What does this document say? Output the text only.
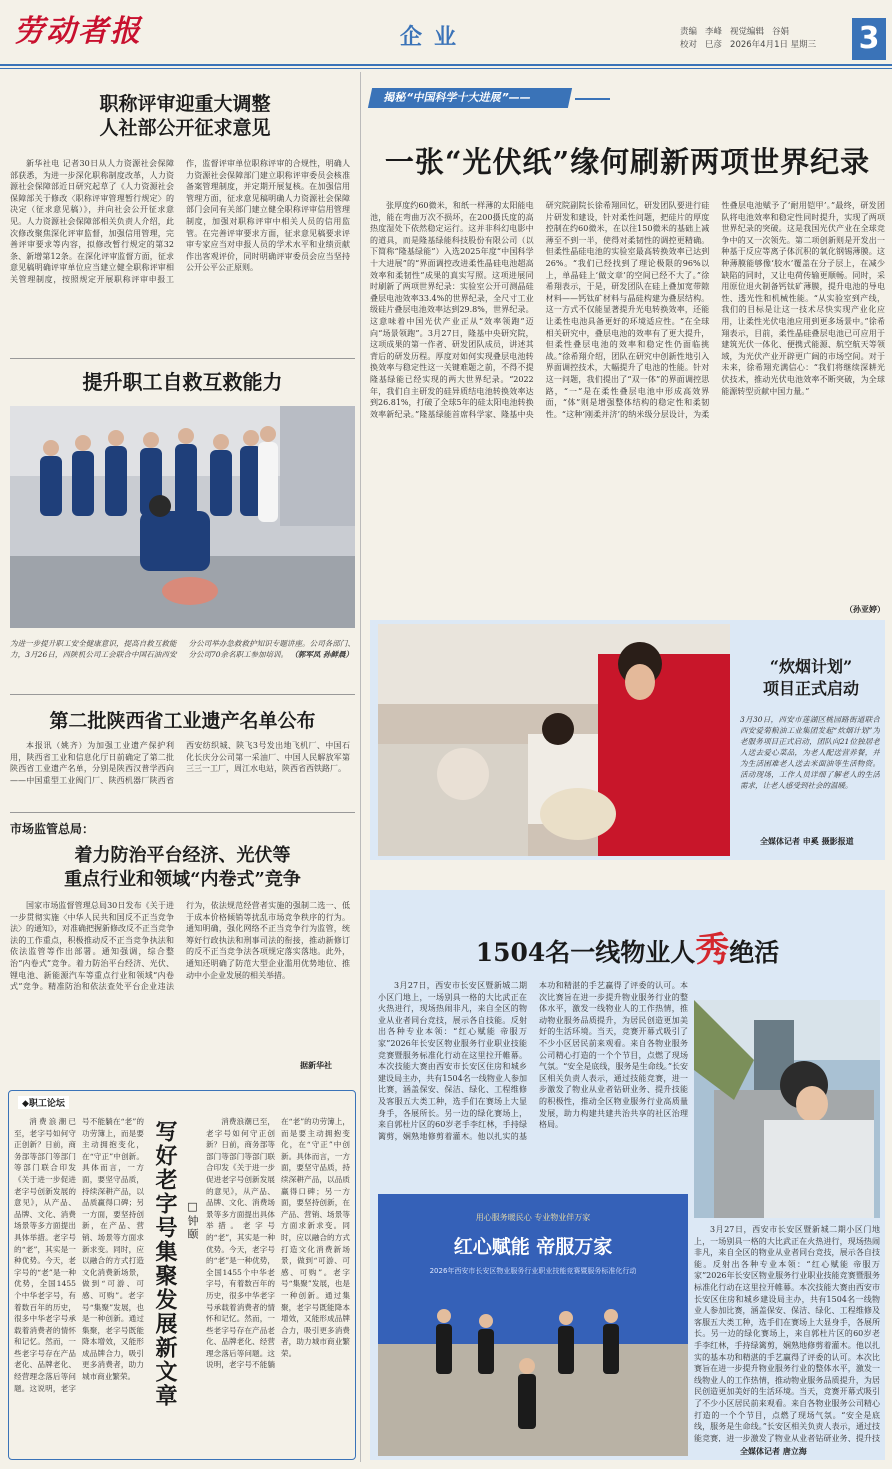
劳动者报	企业	责编 李峰 视觉编辑 谷娟
校对 巳彦 2026年4月1日 星期三 3
职称评审迎重大调整
人社部公开征求意见

新华社电 记者30日从人力资源社会保障部获悉，为进一步深化职称制度改革，人力资源社会保障部近日研究起草了《人力资源社会保障部关于修改〈职称评审管理暂行规定〉的决定（征求意见稿）》，并向社会公开征求意见。人力资源社会保障部相关负责人介绍，此次修改聚焦深化评审监督，加强信用管理，完善评审要求等内容，拟修改暂行规定的第32条、新增第12条。在深化评审监督方面，征求意见稿明确评审单位应当建立健全职称评审相关管理制度，按照规定开展职称评审申报工作，监督评审单位职称评审的合规性，明确人力资源社会保障部门建立职称评审委员会核准备案管理制度，并定期开展复核。在加强信用管理方面，征求意见稿明确人力资源社会保障部门会同有关部门建立健全职称评审信用管理制度，加强对职称评审中相关人员的信用监管。在完善评审要求方面，征求意见稿要求评审专家应当对申报人员的学术水平和业绩贡献作出客观评价，同时明确评审委员会应当坚持公开公平公正原则。

提升职工自救互救能力
为进一步提升职工安全健康意识，提高自救互救能力，3月26日，西陕机公司工会联合中国石油西安分公司举办急救救护知识专题讲座。公司各部门、分公司70余名职工参加培训。 （郭军凤 孙鲜晨）
第二批陕西省工业遗产名单公布

本报讯（姚齐）为加强工业遗产保护利用，陕西省工业和信息化厅日前确定了第二批陕西省工业遗产名单，分别是陕西汉普学西向——中国重型工业阀门厂、陕西机器厂陕西省西安纺织城、陕飞3号发出地飞机厂、中国石化长庆分公司第一采油厂、中国人民解放军第三三一工厂，周江水电站，陕西省西铁路厂。

市场监管总局：
着力防治平台经济、光伏等
重点行业和领域“内卷式”竞争

国家市场监督管理总局30日发布《关于进一步贯彻实施〈中华人民共和国反不正当竞争法〉的通知》，对准确把握新修改反不正当竞争法的工作重点，积极推动反不正当竞争执法和依法监管等作出部署。通知强调，综合整治“内卷式”竞争。着力防治平台经济、光伏、锂电池、新能源汽车等重点行业和领域“内卷式”竞争。精准防治和依法查处平台企业违法行为，依法规范经营者实施的强制二选一、低于成本价格倾销等扰乱市场竞争秩序的行为。通知明确，强化网络不正当竞争行为监管，统筹好行政执法和刑事司法的衔接，推动新修订的反不正当竞争法各项规定落实落地。此外，通知还明确了防范大型企业滥用优势地位、推动中小企业发展的相关举措。

据新华社
◆职工论坛

消费浪潮已至，老字号如何守正创新？日前，商务部等部门等部门等部门联合印发《关于进一步促进老字号创新发展的意见》，从产品、品牌、文化、消费场景等多方面提出具体举措。老字号的“老”，其实是一种优势。今天，老字号的“老”是一种优势，全国1455个中华老字号，有着数百年的历史，很多中华老字号承载着消费者的情怀和记忆。然而，一些老字号存在产品老化、品牌老化、经营理念落后等问题。这说明，老字号不能躺在“老”的功劳簿上，而是要主动拥抱变化，在“守正”中创新。具体而言，一方面，要坚守品质，持续深耕产品，以品质赢得口碑；另一方面，要坚持创新，在产品、营销、场景等方面求新求变。同时，应以融合的方式打造文化消费新场景，做到“可游、可感、可购”。老字号“集聚”发展，也是一种创新。通过集聚，老字号既能降本增效，又能形成品牌合力，吸引更多消费者，助力城市商业繁荣。 写好老字号集聚发展新文章 □钟颐

消费浪潮已至，老字号如何守正创新？日前，商务部等部门等部门等部门联合印发《关于进一步促进老字号创新发展的意见》，从产品、品牌、文化、消费场景等多方面提出具体举措。老字号的“老”，其实是一种优势。今天，老字号的“老”是一种优势，全国1455个中华老字号，有着数百年的历史，很多中华老字号承载着消费者的情怀和记忆。然而，一些老字号存在产品老化、品牌老化、经营理念落后等问题。这说明，老字号不能躺在“老”的功劳簿上，而是要主动拥抱变化，在“守正”中创新。具体而言，一方面，要坚守品质，持续深耕产品，以品质赢得口碑；另一方面，要坚持创新，在产品、营销、场景等方面求新求变。同时，应以融合的方式打造文化消费新场景，做到“可游、可感、可购”。老字号“集聚”发展，也是一种创新。通过集聚，老字号既能降本增效，又能形成品牌合力，吸引更多消费者，助力城市商业繁荣。

揭秘“中国科学十大进展”——
一张“光伏纸”缘何刷新两项世界纪录

张厚度约60微米，和纸一样薄的太阳能电池，能在弯曲万次不损坏，在200摄氏度的高热度湿处下依然稳定运行。这并非科幻电影中的道具，而是隆基绿能科技股份有限公司（以下简称“隆基绿能”）入选2025年度“中国科学十大进展”的“界面调控改进柔性晶硅电池超高效率和柔韧性”成果的真实写照。这项进展同时刷新了两项世界纪录：实验室公开可测晶硅叠层电池效率33.4%的世界纪录，全尺寸工业级硅片叠层电池效率达到29.8%，世界纪录。这意味着中国光伏产业正从“效率领跑”迈向“场景领跑”。3月27日，隆基中央研究院，这项成果的第一作者、研发团队成员，讲述其背后的研发历程。厚度对如何实现叠层电池转换效率与稳定性这一关键难题之前，不得不提隆基绿能已经实现的两大世界纪录。“2022年，我们自主研发的硅异质结电池转换效率达到26.81%，打破了全球5年的硅太阳电池转换效率新纪录。”隆基绿能首席科学家、隆基中央研究院副院长徐希翔回忆，研发团队要进行硅片研发和建设，针对柔性问题，把硅片的厚度控制在约60微米，在以往150微米的基础上减薄至不到一半，使得对柔韧性的调控更精确。但柔性晶硅电池的实验室最高转换效率已达到26%。“我们已经找到了理论极限的96%以上，单晶硅上‘做文章’的空间已经不大了。”徐希翔表示，于是，研发团队在硅上叠加宽带隙材料——钙钛矿材料与晶硅构建为叠层结构。这一方式不仅能显著提升光电转换效率，还能让柔性电池具备更好的环境适应性。“在全球相关研究中，叠层电池的效率有了更大提升，但柔性叠层电池的效率和稳定性仍面临挑战。”徐希翔介绍，团队在研究中创新性地引入界面调控技术，大幅提升了电池的性能。针对这一问题，我们提出了“双一体”的界面调控思路，“一”是在柔性叠层电池中形成高效界面，“体”则是增强整体结构的稳定性和柔韧性。“这种‘刚柔并济’的纳米级分层设计，为柔性叠层电池赋予了‘耐用铠甲’。”最终，研发团队将电池效率和稳定性同时提升，实现了两项世界纪录的突破。这是我国光伏产业在全球竞争中的又一次领先。第二项创新则是开发出一种基于反应等离子体沉积的氧化钢锡薄膜。这种薄膜能够像‘胶水’覆盖在分子层上，在减少缺陷的同时，又让电荷传输更顺畅。同时，采用原位退火制备钙钛矿薄膜，提升电池的导电性、透光性和机械性能。“从实验室到产线，我们的目标是让这一技术尽快实现产业化应用，让柔性光伏电池应用到更多场景中。”徐希翔表示，目前，柔性晶硅叠层电池已可应用于建筑光伏一体化、便携式能源、航空航天等领域，为光伏产业开辟更广阔的市场空间。对于未来，徐希翔充满信心：“我们将继续深耕光伏技术，推动光伏电池效率不断突破，为全球能源转型贡献中国力量。”

（孙亚婷）
“炊烟计划”
项目正式启动
3月30日，西安市莲湖区桃园路街道联合西安爱菊粮油工业集团发起“炊烟计划”为老服务项目正式启动，团队向21位独居老人送去爱心菜品，为老人配送营养餐，并为生活困难老人送去米面油等生活物资。活动现场，工作人员详细了解老人的生活需求，让老人感受到社会的温暖。
全媒体记者 申奚 摄影报道
1504名一线物业人秀绝活

3月27日，西安市长安区暨新城二期小区门地上，一场别具一格的大比武正在火热进行，现场热闹非凡，来自全区的物业从业者同台竞技，展示各自技能。反射出各种专业本领：“红心赋能 帝服万家”2026年长安区物业服务行业职业技能竞赛暨服务标准化行动在这里拉开帷幕。本次技能大赛由西安市长安区住房和城乡建设局主办，共有1504名一线物业人参加比赛，涵盖保安、保洁、绿化、工程维修及客服五大类工种，选手们在赛场上大显身手，各展所长。另一边的绿化赛场上，来自郭杜片区的60岁老手李红林，手持绿篱剪，娴熟地修剪着灌木。他以扎实的基本功和精湛的手艺赢得了评委的认可。本次比赛旨在进一步提升物业服务行业的整体水平，激发一线物业人的工作热情，推动物业服务品质提升，为居民创造更加美好的生活环境。当天，竞赛开幕式吸引了不少小区居民前来观看。来自各物业服务公司精心打造的一个个节目，点燃了现场气氛。“安全是底线，服务是生命线。”长安区相关负责人表示，通过技能竞赛，进一步激发了物业从业者钻研业务、提升技能的积极性，推动全区物业服务行业高质量发展，助力构建共建共治共享的社区治理格局。

用心服务暖民心 专业物业伴万家
红心赋能 帝服万家
2026年西安市长安区物业服务行业职业技能竞赛暨服务标准化行动

3月27日，西安市长安区暨新城二期小区门地上，一场别具一格的大比武正在火热进行，现场热闹非凡，来自全区的物业从业者同台竞技，展示各自技能。反射出各种专业本领：“红心赋能 帝服万家”2026年长安区物业服务行业职业技能竞赛暨服务标准化行动在这里拉开帷幕。本次技能大赛由西安市长安区住房和城乡建设局主办，共有1504名一线物业人参加比赛，涵盖保安、保洁、绿化、工程维修及客服五大类工种，选手们在赛场上大显身手，各展所长。另一边的绿化赛场上，来自郭杜片区的60岁老手李红林，手持绿篱剪，娴熟地修剪着灌木。他以扎实的基本功和精湛的手艺赢得了评委的认可。本次比赛旨在进一步提升物业服务行业的整体水平，激发一线物业人的工作热情，推动物业服务品质提升，为居民创造更加美好的生活环境。当天，竞赛开幕式吸引了不少小区居民前来观看。来自各物业服务公司精心打造的一个个节目，点燃了现场气氛。“安全是底线，服务是生命线。”长安区相关负责人表示，通过技能竞赛，进一步激发了物业从业者钻研业务、提升技

全媒体记者 唐立海
